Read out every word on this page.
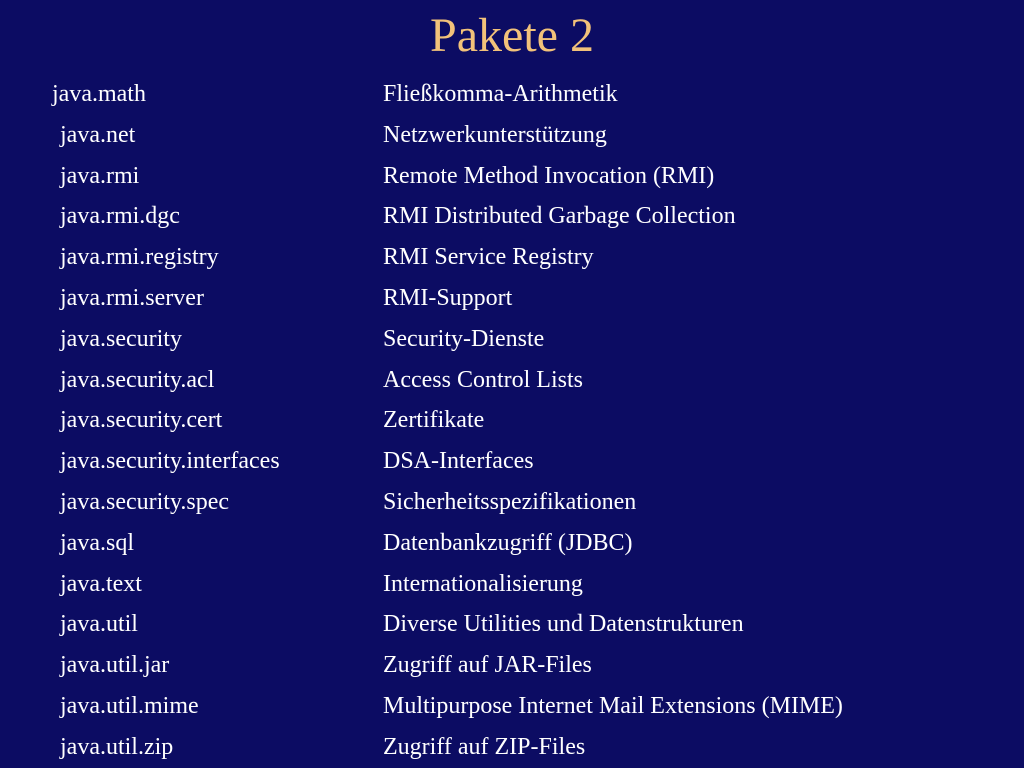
Pakete 2
java.math	Fließkomma-Arithmetik
java.net	Netzwerkunterstützung
java.rmi	Remote Method Invocation (RMI)
java.rmi.dgc	RMI Distributed Garbage Collection
java.rmi.registry	RMI Service Registry
java.rmi.server	RMI-Support
java.security	Security-Dienste
java.security.acl	Access Control Lists
java.security.cert	Zertifikate
java.security.interfaces	DSA-Interfaces
java.security.spec	Sicherheitsspezifikationen
java.sql	Datenbankzugriff (JDBC)
java.text	Internationalisierung
java.util	Diverse Utilities und Datenstrukturen
java.util.jar	Zugriff auf JAR-Files
java.util.mime	Multipurpose Internet Mail Extensions (MIME)
java.util.zip	Zugriff auf ZIP-Files
